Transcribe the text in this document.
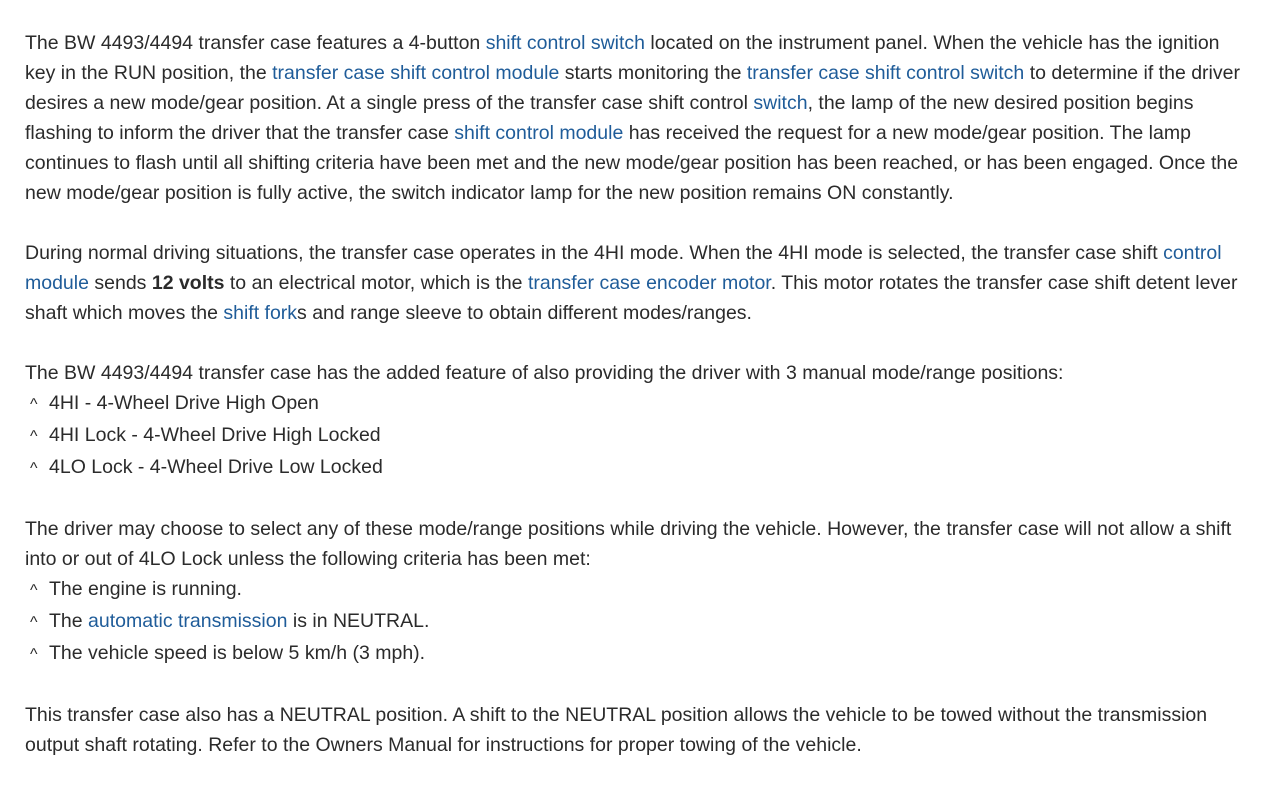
The BW 4493/4494 transfer case features a 4-button shift control switch located on the instrument panel. When the vehicle has the ignition key in the RUN position, the transfer case shift control module starts monitoring the transfer case shift control switch to determine if the driver desires a new mode/gear position. At a single press of the transfer case shift control switch, the lamp of the new desired position begins flashing to inform the driver that the transfer case shift control module has received the request for a new mode/gear position. The lamp continues to flash until all shifting criteria have been met and the new mode/gear position has been reached, or has been engaged. Once the new mode/gear position is fully active, the switch indicator lamp for the new position remains ON constantly.

During normal driving situations, the transfer case operates in the 4HI mode. When the 4HI mode is selected, the transfer case shift control module sends 12 volts to an electrical motor, which is the transfer case encoder motor. This motor rotates the transfer case shift detent lever shaft which moves the shift forks and range sleeve to obtain different modes/ranges.

The BW 4493/4494 transfer case has the added feature of also providing the driver with 3 manual mode/range positions:
^ 4HI - 4-Wheel Drive High Open
^ 4HI Lock - 4-Wheel Drive High Locked
^ 4LO Lock - 4-Wheel Drive Low Locked
The driver may choose to select any of these mode/range positions while driving the vehicle. However, the transfer case will not allow a shift into or out of 4LO Lock unless the following criteria has been met:
^ The engine is running.
^ The automatic transmission is in NEUTRAL.
^ The vehicle speed is below 5 km/h (3 mph).

This transfer case also has a NEUTRAL position. A shift to the NEUTRAL position allows the vehicle to be towed without the transmission output shaft rotating. Refer to the Owners Manual for instructions for proper towing of the vehicle.
